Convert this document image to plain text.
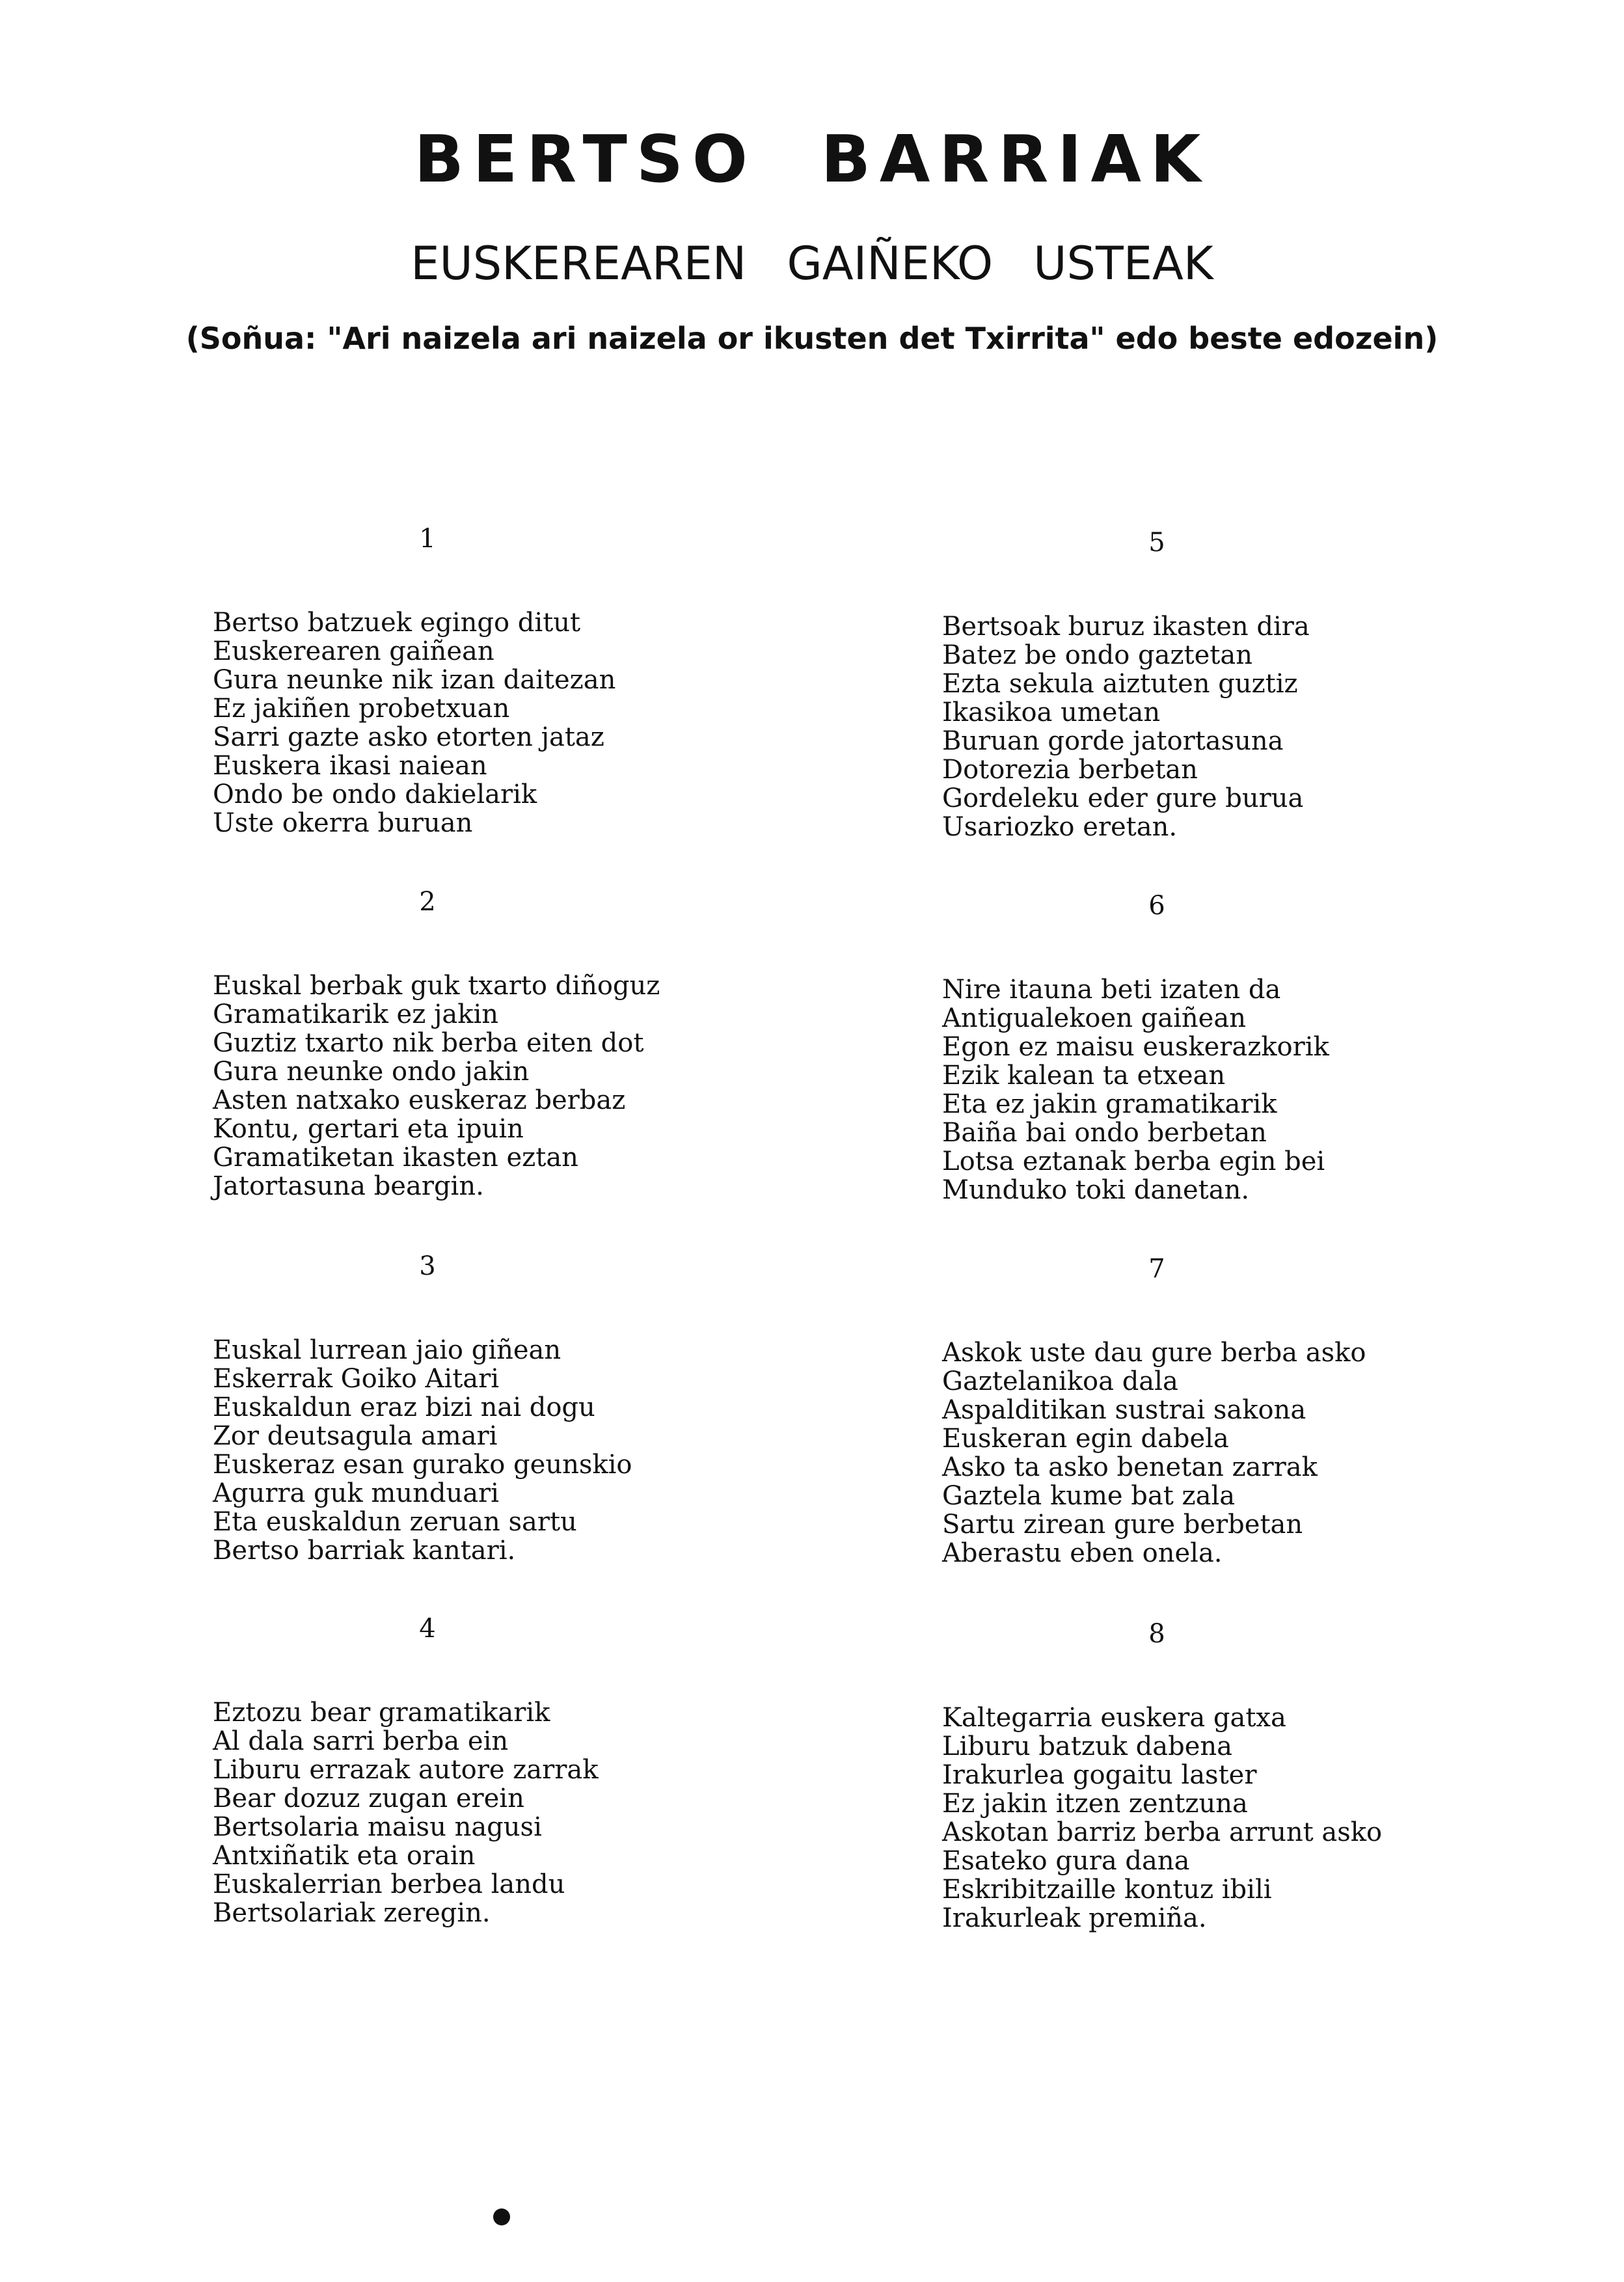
BERTSO BARRIAK
EUSKEREAREN GAIÑEKO USTEAK
(Soñua: "Ari naizela ari naizela or ikusten det Txirrita" edo beste edozein)
1
Bertso batzuek egingo ditut
Euskerearen gaiñean
Gura neunke nik izan daitezan
Ez jakiñen probetxuan
Sarri gazte asko etorten jataz
Euskera ikasi naiean
Ondo be ondo dakielarik
Uste okerra buruan
2
Euskal berbak guk txarto diñoguz
Gramatikarik ez jakin
Guztiz txarto nik berba eiten dot
Gura neunke ondo jakin
Asten natxako euskeraz berbaz
Kontu, gertari eta ipuin
Gramatiketan ikasten eztan
Jatortasuna beargin.
3
Euskal lurrean jaio giñean
Eskerrak Goiko Aitari
Euskaldun eraz bizi nai dogu
Zor deutsagula amari
Euskeraz esan gurako geunskio
Agurra guk munduari
Eta euskaldun zeruan sartu
Bertso barriak kantari.
4
Eztozu bear gramatikarik
Al dala sarri berba ein
Liburu errazak autore zarrak
Bear dozuz zugan erein
Bertsolaria maisu nagusi
Antxiñatik eta orain
Euskalerrian berbea landu
Bertsolariak zeregin.
5
Bertsoak buruz ikasten dira
Batez be ondo gaztetan
Ezta sekula aiztuten guztiz
Ikasikoa umetan
Buruan gorde jatortasuna
Dotorezia berbetan
Gordeleku eder gure burua
Usariozko eretan.
6
Nire itauna beti izaten da
Antigualekoen gaiñean
Egon ez maisu euskerazkorik
Ezik kalean ta etxean
Eta ez jakin gramatikarik
Baiña bai ondo berbetan
Lotsa eztanak berba egin bei
Munduko toki danetan.
7
Askok uste dau gure berba asko
Gaztelanikoa dala
Aspalditikan sustrai sakona
Euskeran egin dabela
Asko ta asko benetan zarrak
Gaztela kume bat zala
Sartu zirean gure berbetan
Aberastu eben onela.
8
Kaltegarria euskera gatxa
Liburu batzuk dabena
Irakurlea gogaitu laster
Ez jakin itzen zentzuna
Askotan barriz berba arrunt asko
Esateko gura dana
Eskribitzaille kontuz ibili
Irakurleak premiña.
